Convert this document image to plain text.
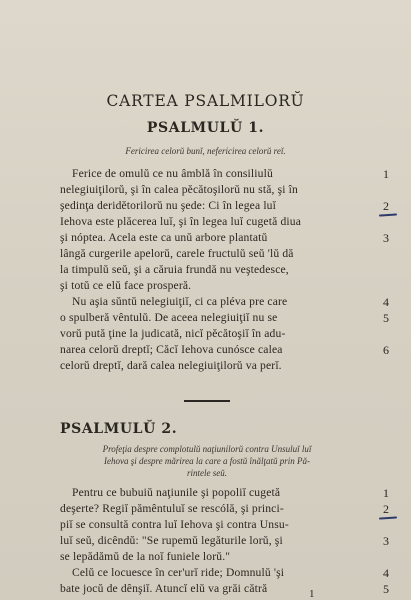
CARTEA PSALMILORŬ
PSALMULŬ 1.
Fericirea celorŭ bunĭ, nefericirea celorŭ reĭ.
Ferice de omulŭ ce nu âmblă în consiliulŭ
nelegiuiţilorŭ, şi în calea pĕcătoşilorŭ nu stă, şi în
şedinţa deridĕtorilorŭ nu şede: Ci în legea luĭ
Iehova este plăcerea luĭ, şi în legea luĭ cugetă diua
şi nóptea. Acela este ca unŭ arbore plantatŭ
lângă curgerile apelorŭ, carele fructulŭ seŭ 'lŭ dă
la timpulŭ seŭ, şi a căruia frundă nu veştedesce,
şi totŭ ce elŭ face prosperă.
Nu aşia sŭntŭ nelegiuiţiĭ, ci ca pléva pre care
o spulberă vêntulŭ. De aceea nelegiuiţiĭ nu se
vorŭ pută ţine la judicată, nicĭ pĕcătoşiĭ în adu-
narea celorŭ dreptĭ; Căcĭ Iehova cunósce calea
celorŭ dreptĭ, dară calea nelegiuiţilorŭ va perĭ.
1
2
3
4
5
6
PSALMULŬ 2.
Profeţia despre complotulŭ naţiunilorŭ contra Unsuluĭ luĭ
Iehova şi despre mărirea la care a fostŭ înălţatŭ prin Pă-
rintele seŭ.
Pentru ce bubuiŭ naţiunile şi popoliĭ cugetă
deşerte? Regiĭ pămêntuluĭ se rescólă, şi princi-
piĭ se consultă contra luĭ Iehova şi contra Unsu-
luĭ seŭ, dicêndŭ: "Se rupemŭ legăturile lorŭ, şi
se lepădămŭ de la noĭ funiele lorŭ."
Celŭ ce locuesce în cer'urĭ ride; Domnulŭ 'şi
bate jocŭ de dênşiĭ. Atuncĭ elŭ va grăi cătră
1
2
3
4
5
1
